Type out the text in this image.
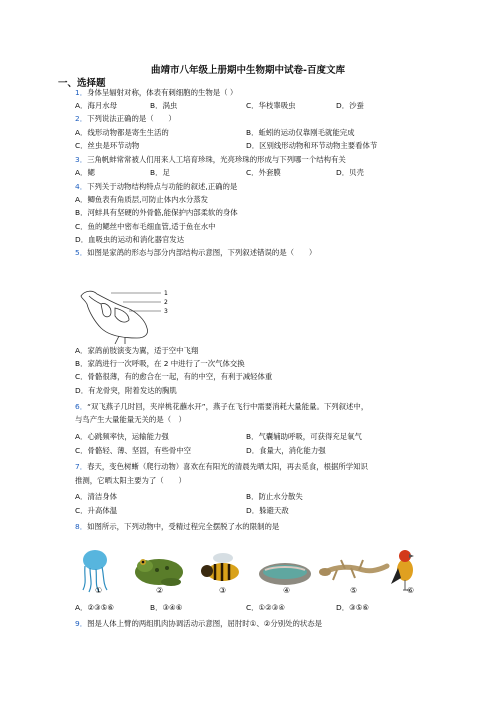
曲靖市八年级上册期中生物期中试卷-百度文库
一、选择题
1．身体呈辐射对称，体表有刺细胞的生物是（ ）
A．海月水母	B．涡虫	C．华枝睾吸虫	D．沙蚕
2．下列说法正确的是（　　）
A．线形动物都是寄生生活的	B．蚯蚓的运动仅靠刚毛就能完成
C．丝虫是环节动物	D．区别线形动物和环节动物主要看体节
3．三角帆蚌常常被人们用来人工培育珍珠，光亮珍珠的形成与下列哪一个结构有关
A．鳃	B．足	C．外套膜	D．贝壳
4．下列关于动物结构特点与功能的叙述,正确的是
A．鲫鱼表有角质层,可防止体内水分蒸发
B．河蚌具有坚硬的外骨骼,能保护内部柔软的身体
C．鱼的鳃丝中密布毛细血管,适于鱼在水中
D．血吸虫的运动和消化器官发达
5．如图是家鸽的形态与部分内部结构示意图，下列叙述错误的是（　　）
1
2
3
A．家鸽前肢演变为翼，适于空中飞翔
B．家鸽进行一次呼吸，在 2 中进行了一次气体交换
C．骨骼很薄，有的愈合在一起，有的中空，有利于减轻体重
D．有龙骨突，附着发达的胸肌
6．“双飞燕子几时回，夹岸桃花蘸水开”，燕子在飞行中需要消耗大量能量。下列叙述中，
与鸟产生大量能量无关的是（　）
A．心跳频率快，运输能力强	B．气囊辅助呼吸，可获得充足氧气
C．骨骼轻、薄、坚固，有些骨中空	D．食量大，消化能力强
7．春天，变色树蜥（爬行动物）喜欢在有阳光的清晨先晒太阳，再去觅食，根据所学知识
推测，它晒太阳主要为了（　　）
A．清洁身体	B．防止水分散失
C．升高体温	D．躲避天敌
8．如图所示，下列动物中，受精过程完全摆脱了水的限制的是
①	②	③	④	⑤	⑥
A．②③⑤⑥	B．③④⑥	C．①②③④	D．③⑤⑥
9．图是人体上臂的两组肌肉协调活动示意图，屈肘时①、②分别处的状态是
